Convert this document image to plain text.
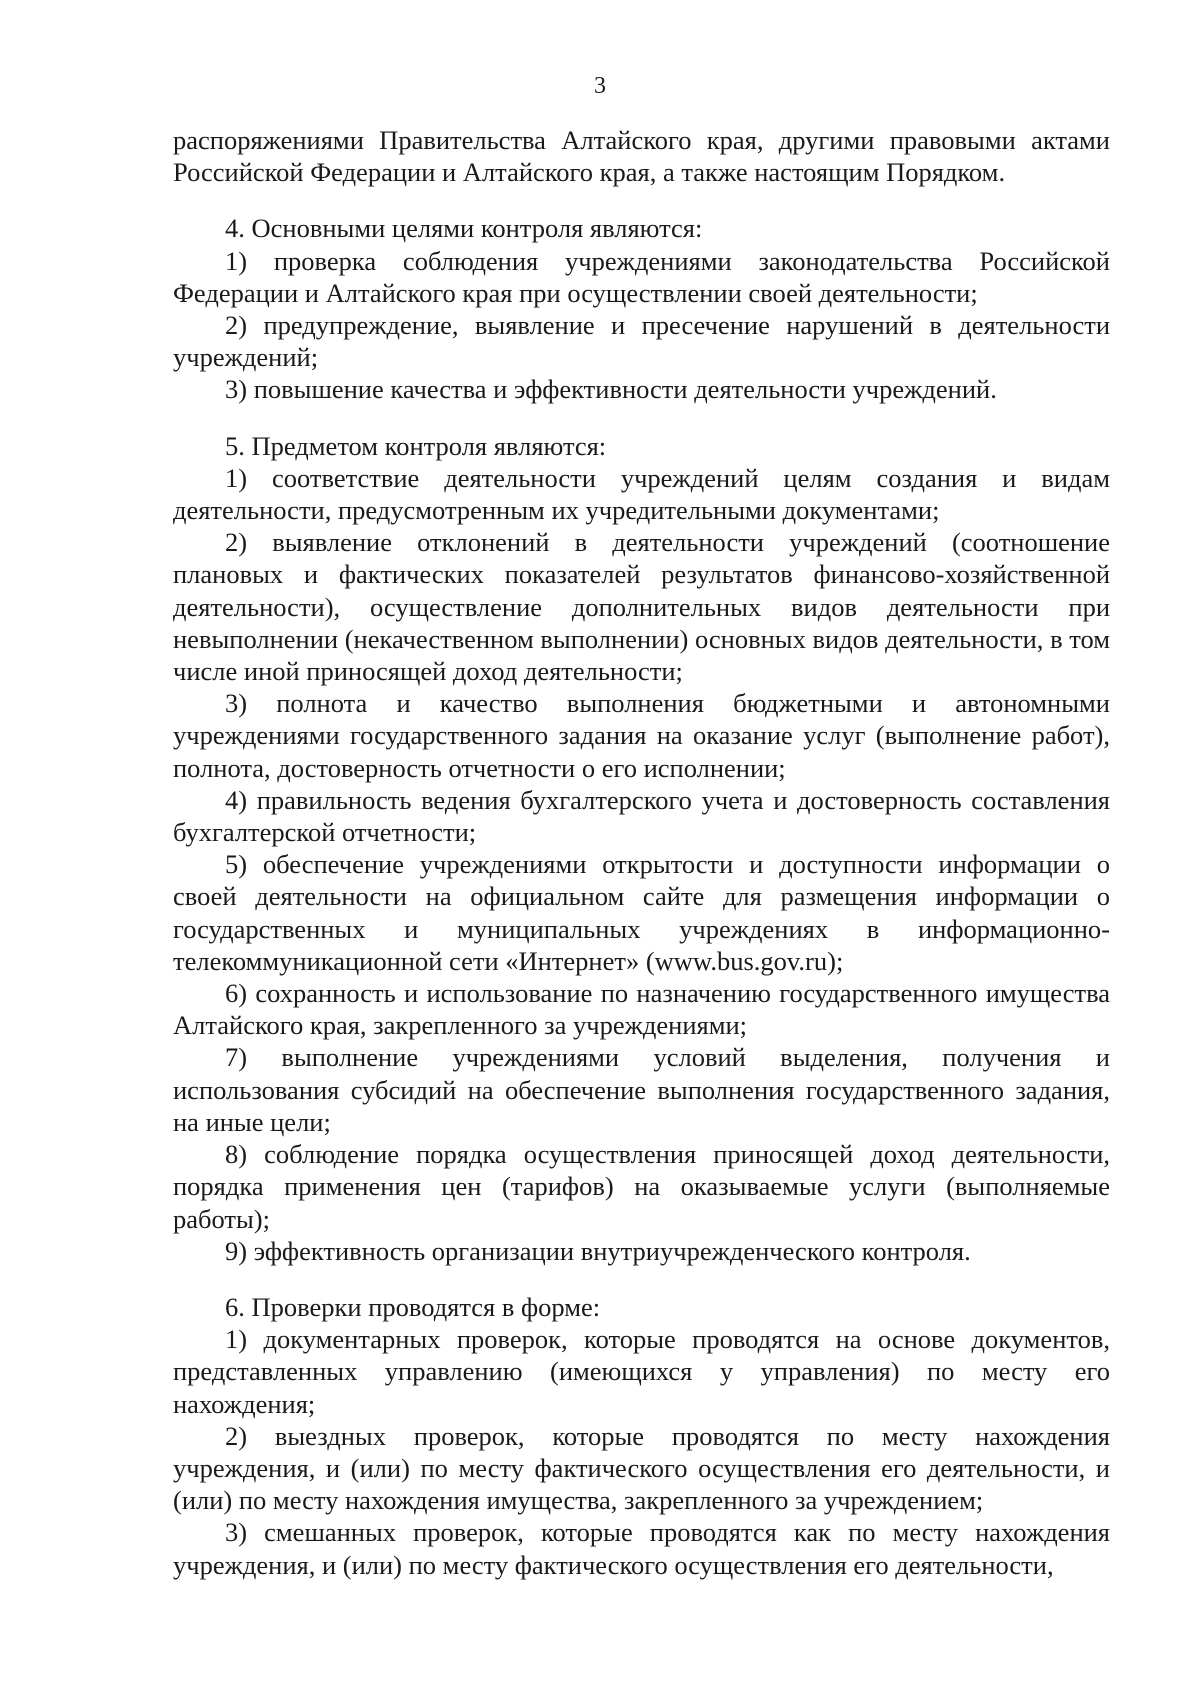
3

распоряжениями Правительства Алтайского края, другими правовыми актами Российской Федерации и Алтайского края, а также настоящим Порядком.

4. Основными целями контроля являются:

1) проверка соблюдения учреждениями законодательства Российской Федерации и Алтайского края при осуществлении своей деятельности;

2) предупреждение, выявление и пресечение нарушений в деятельности учреждений;

3) повышение качества и эффективности деятельности учреждений.

5. Предметом контроля являются:

1) соответствие деятельности учреждений целям создания и видам деятельности, предусмотренным их учредительными документами;

2) выявление отклонений в деятельности учреждений (соотношение плановых и фактических показателей результатов финансово-хозяйственной деятельности), осуществление дополнительных видов деятельности при невыполнении (некачественном выполнении) основных видов деятельности, в том числе иной приносящей доход деятельности;

3) полнота и качество выполнения бюджетными и автономными учреждениями государственного задания на оказание услуг (выполнение работ), полнота, достоверность отчетности о его исполнении;

4) правильность ведения бухгалтерского учета и достоверность составления бухгалтерской отчетности;

5) обеспечение учреждениями открытости и доступности информации о своей деятельности на официальном сайте для размещения информации о государственных и муниципальных учреждениях в информационно-телекоммуникационной сети «Интернет» (www.bus.gov.ru);

6) сохранность и использование по назначению государственного имущества Алтайского края, закрепленного за учреждениями;

7) выполнение учреждениями условий выделения, получения и использования субсидий на обеспечение выполнения государственного задания, на иные цели;

8) соблюдение порядка осуществления приносящей доход деятельности, порядка применения цен (тарифов) на оказываемые услуги (выполняемые работы);

9) эффективность организации внутриучрежденческого контроля.

6. Проверки проводятся в форме:

1) документарных проверок, которые проводятся на основе документов, представленных управлению (имеющихся у управления) по месту его нахождения;

2) выездных проверок, которые проводятся по месту нахождения учреждения, и (или) по месту фактического осуществления его деятельности, и (или) по месту нахождения имущества, закрепленного за учреждением;

3) смешанных проверок, которые проводятся как по месту нахождения учреждения, и (или) по месту фактического осуществления его деятельности,
